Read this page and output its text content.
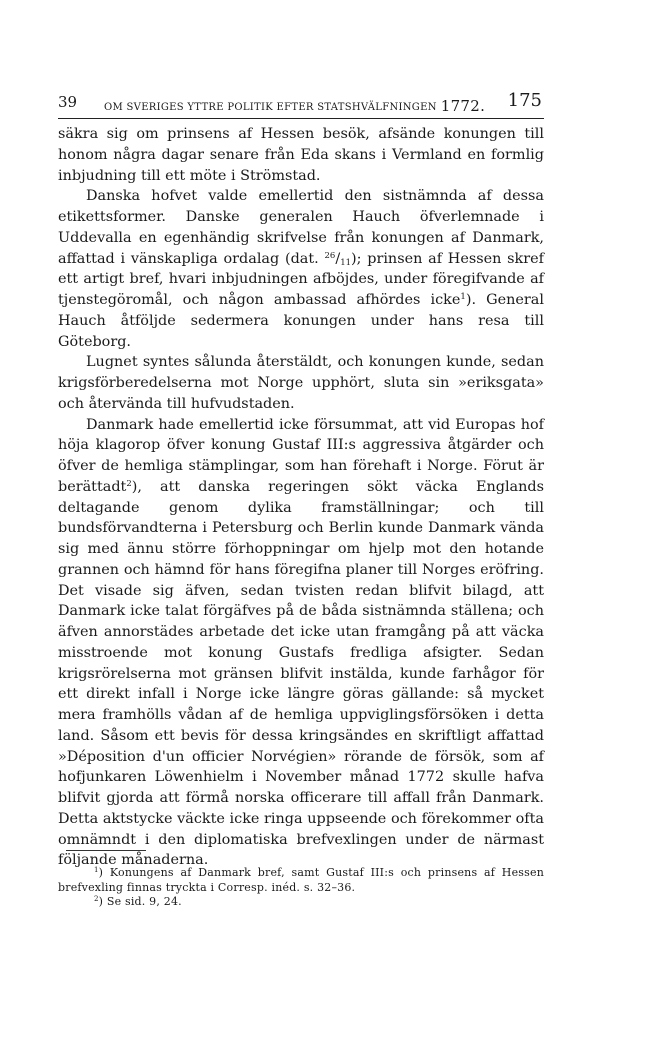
39	OM SVERIGES YTTRE POLITIK EFTER STATSHVÄLFNINGEN 1772. 175

säkra sig om prinsens af Hessen besök, afsände konungen till honom några dagar senare från Eda skans i Vermland en formlig inbjudning till ett möte i Strömstad.

Danska hofvet valde emellertid den sistnämnda af dessa etikettsformer. Danske generalen Hauch öfverlemnade i Uddevalla en egenhändig skrifvelse från konungen af Danmark, affattad i vänskapliga ordalag (dat. $^{26}/_{11}$); prinsen af Hessen skref ett artigt bref, hvari inbjudningen afböjdes, under föregifvande af tjenstegöromål, och någon ambassad afhördes icke$^1$). General Hauch åtföljde sedermera konungen under hans resa till Göteborg.

Lugnet syntes sålunda återstäldt, och konungen kunde, sedan krigsförberedelserna mot Norge upphört, sluta sin »eriksgata» och återvända till hufvudstaden.

Danmark hade emellertid icke försummat, att vid Europas hof höja klagorop öfver konung Gustaf III:s aggressiva åtgärder och öfver de hemliga stämplingar, som han förehaft i Norge. Förut är berättadt$^2$), att danska regeringen sökt väcka Englands deltagande genom dylika framställningar; och till bundsförvandterna i Petersburg och Berlin kunde Danmark vända sig med ännu större förhoppningar om hjelp mot den hotande grannen och hämnd för hans föregifna planer till Norges eröfring. Det visade sig äfven, sedan tvisten redan blifvit bilagd, att Danmark icke talat förgäfves på de båda sistnämnda ställena; och äfven annorstädes arbetade det icke utan framgång på att väcka misstroende mot konung Gustafs fredliga afsigter. Sedan krigsrörelserna mot gränsen blifvit instälda, kunde farhågor för ett direkt infall i Norge icke längre göras gällande: så mycket mera framhölls vådan af de hemliga uppviglingsförsöken i detta land. Såsom ett bevis för dessa kringsändes en skriftligt affattad »Déposition d'un officier Norvégien» rörande de försök, som af hofjunkaren Löwenhielm i November månad 1772 skulle hafva blifvit gjorda att förmå norska officerare till affall från Danmark. Detta aktstycke väckte icke ringa uppseende och förekommer ofta omnämndt i den diplomatiska brefvexlingen under de närmast följande månaderna.

$^1$) Konungens af Danmark bref, samt Gustaf III:s och prinsens af Hessen brefvexling finnas tryckta i Corresp. inéd. s. 32–36.

$^2$) Se sid. 9, 24.
